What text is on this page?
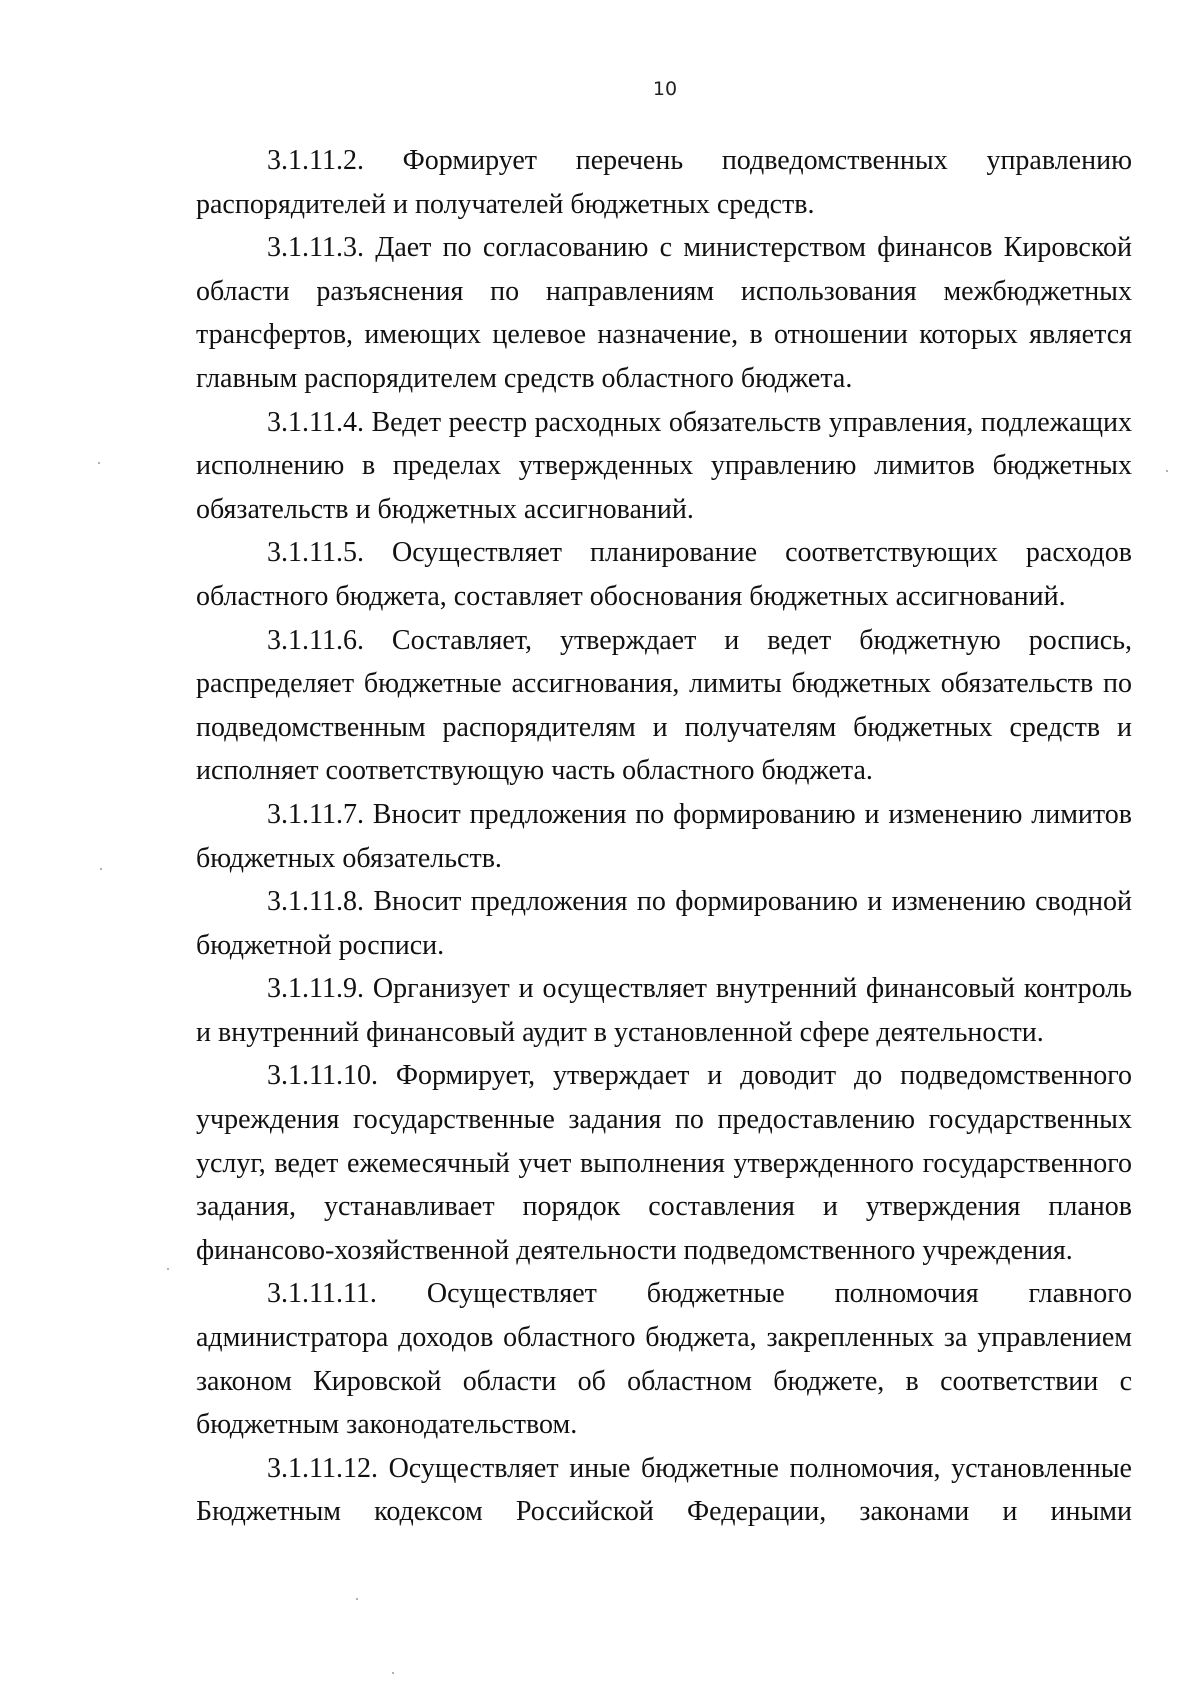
10

3.1.11.2. Формирует перечень подведомственных управлению распорядителей и получателей бюджетных средств.

3.1.11.3. Дает по согласованию с министерством финансов Кировской области разъяснения по направлениям использования межбюджетных трансфертов, имеющих целевое назначение, в отношении которых является главным распорядителем средств областного бюджета.

3.1.11.4. Ведет реестр расходных обязательств управления, подлежащих исполнению в пределах утвержденных управлению лимитов бюджетных обязательств и бюджетных ассигнований.

3.1.11.5. Осуществляет планирование соответствующих расходов областного бюджета, составляет обоснования бюджетных ассигнований.

3.1.11.6. Составляет, утверждает и ведет бюджетную роспись, распределяет бюджетные ассигнования, лимиты бюджетных обязательств по подведомственным распорядителям и получателям бюджетных средств и исполняет соответствующую часть областного бюджета.

3.1.11.7. Вносит предложения по формированию и изменению лимитов бюджетных обязательств.

3.1.11.8. Вносит предложения по формированию и изменению сводной бюджетной росписи.

3.1.11.9. Организует и осуществляет внутренний финансовый контроль и внутренний финансовый аудит в установленной сфере деятельности.

3.1.11.10. Формирует, утверждает и доводит до подведомственного учреждения государственные задания по предоставлению государственных услуг, ведет ежемесячный учет выполнения утвержденного государственного задания, устанавливает порядок составления и утверждения планов финансово-хозяйственной деятельности подведомственного учреждения.

3.1.11.11. Осуществляет бюджетные полномочия главного администратора доходов областного бюджета, закрепленных за управлением законом Кировской области об областном бюджете, в соответствии с бюджетным законодательством.

3.1.11.12. Осуществляет иные бюджетные полномочия, установленные Бюджетным кодексом Российской Федерации, законами и иными
